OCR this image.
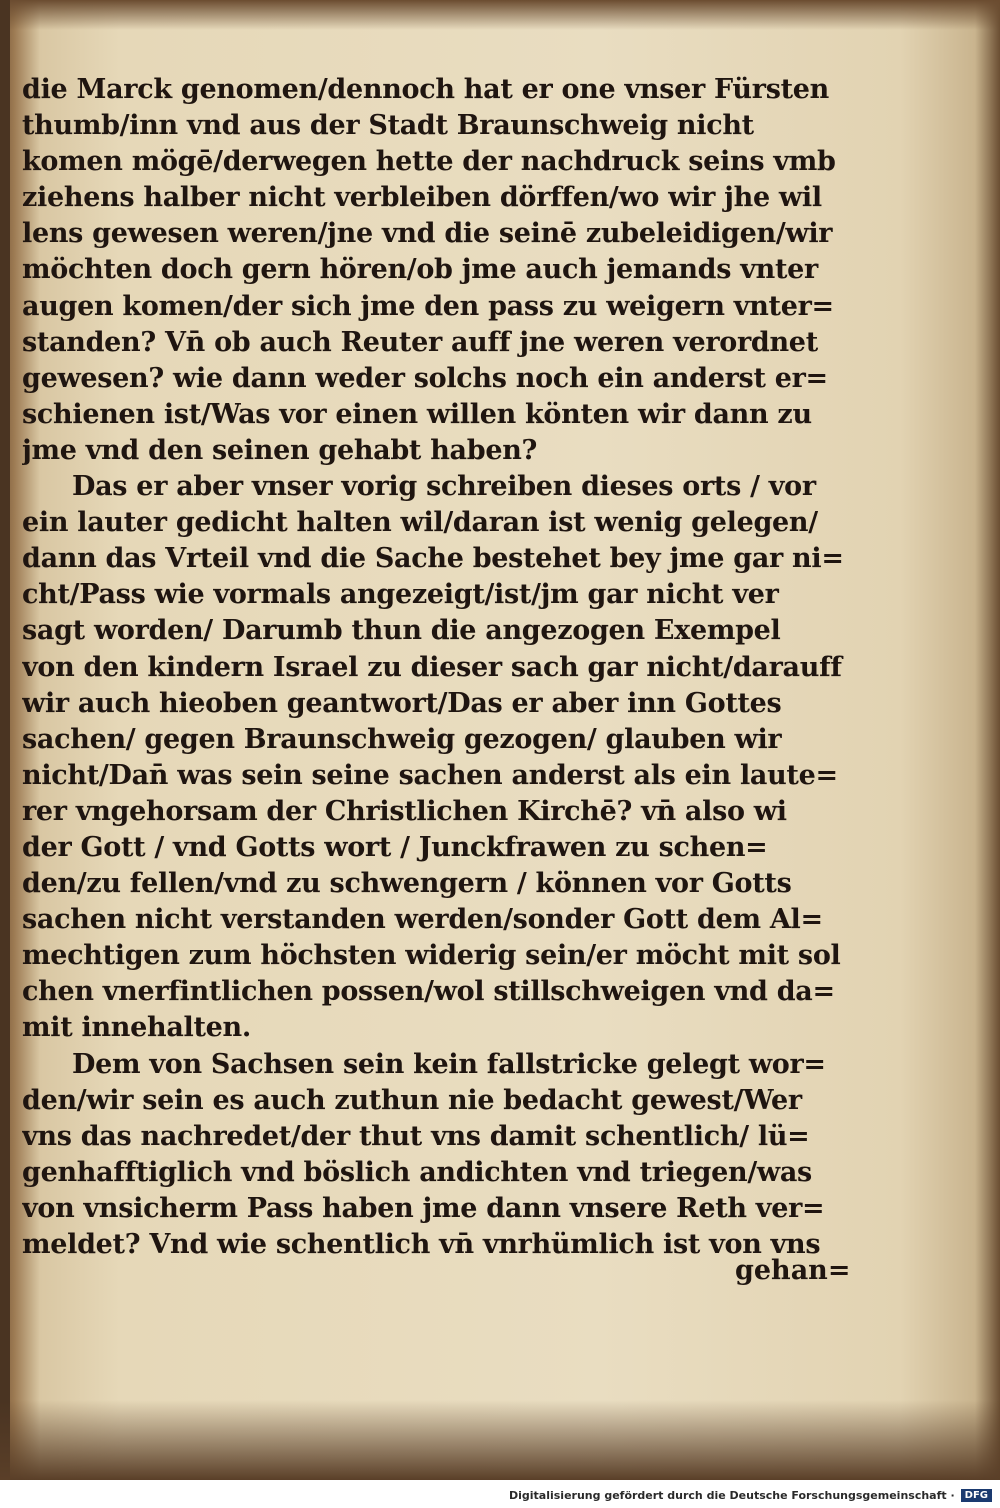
die Marck genomen/dennoch hat er one vnser Fürsten
thumb/inn vnd aus der Stadt Braunschweig nicht
komen mögē/derwegen hette der nachdruck seins vmb
ziehens halber nicht verbleiben dörffen/wo wir jhe wil
lens gewesen weren/jne vnd die seinē zubeleidigen/wir
möchten doch gern hören/ob jme auch jemands vnter
augen komen/der sich jme den pass zu weigern vnter=
standen? Vn̄ ob auch Reuter auff jne weren verordnet
gewesen? wie dann weder solchs noch ein anderst er=
schienen ist/Was vor einen willen könten wir dann zu
jme vnd den seinen gehabt haben?
Das er aber vnser vorig schreiben dieses orts / vor
ein lauter gedicht halten wil/daran ist wenig gelegen/
dann das Vrteil vnd die Sache bestehet bey jme gar ni=
cht/Pass wie vormals angezeigt/ist/jm gar nicht ver
sagt worden/ Darumb thun die angezogen Exempel
von den kindern Israel zu dieser sach gar nicht/darauff
wir auch hieoben geantwort/Das er aber inn Gottes
sachen/ gegen Braunschweig gezogen/ glauben wir
nicht/Dan̄ was sein seine sachen anderst als ein laute=
rer vngehorsam der Christlichen Kirchē? vn̄ also wi
der Gott / vnd Gotts wort / Junckfrawen zu schen=
den/zu fellen/vnd zu schwengern / können vor Gotts
sachen nicht verstanden werden/sonder Gott dem Al=
mechtigen zum höchsten widerig sein/er möcht mit sol
chen vnerfintlichen possen/wol stillschweigen vnd da=
mit innehalten.
Dem von Sachsen sein kein fallstricke gelegt wor=
den/wir sein es auch zuthun nie bedacht gewest/Wer
vns das nachredet/der thut vns damit schentlich/ lü=
genhafftiglich vnd böslich andichten vnd triegen/was
von vnsicherm Pass haben jme dann vnsere Reth ver=
meldet? Vnd wie schentlich vn̄ vnrhümlich ist von vns
gehan=
Digitalisierung gefördert durch die Deutsche Forschungsgemeinschaft ·	DFG
